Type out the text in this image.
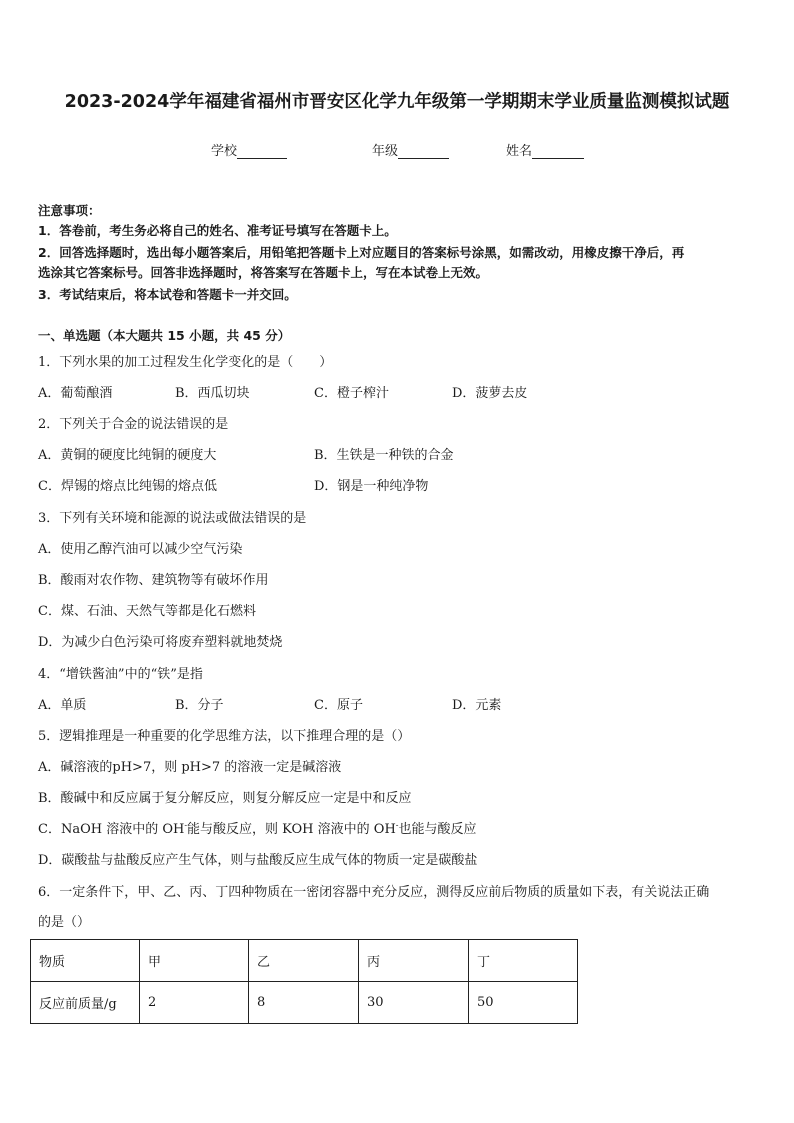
2023-2024学年福建省福州市晋安区化学九年级第一学期期末学业质量监测模拟试题
学校	年级	姓名
注意事项：
1．答卷前，考生务必将自己的姓名、准考证号填写在答题卡上。
2．回答选择题时，选出每小题答案后，用铅笔把答题卡上对应题目的答案标号涂黑，如需改动，用橡皮擦干净后，再
选涂其它答案标号。回答非选择题时，将答案写在答题卡上，写在本试卷上无效。
3．考试结束后，将本试卷和答题卡一并交回。
一、单选题（本大题共 15 小题，共 45 分）
1．下列水果的加工过程发生化学变化的是（　　）
A．葡萄酿酒	B．西瓜切块	C．橙子榨汁	D．菠萝去皮
2．下列关于合金的说法错误的是
A．黄铜的硬度比纯铜的硬度大	B．生铁是一种铁的合金
C．焊锡的熔点比纯锡的熔点低	D．钢是一种纯净物
3．下列有关环境和能源的说法或做法错误的是
A．使用乙醇汽油可以减少空气污染
B．酸雨对农作物、建筑物等有破坏作用
C．煤、石油、天然气等都是化石燃料
D．为减少白色污染可将废弃塑料就地焚烧
4．“增铁酱油”中的“铁”是指
A．单质	B．分子	C．原子	D．元素
5．逻辑推理是一种重要的化学思维方法，以下推理合理的是（）
A．碱溶液的pH>7，则 pH>7 的溶液一定是碱溶液
B．酸碱中和反应属于复分解反应，则复分解反应一定是中和反应
C．NaOH 溶液中的 OH-能与酸反应，则 KOH 溶液中的 OH-也能与酸反应
D．碳酸盐与盐酸反应产生气体，则与盐酸反应生成气体的物质一定是碳酸盐
6．一定条件下，甲、乙、丙、丁四种物质在一密闭容器中充分反应，测得反应前后物质的质量如下表，有关说法正确
的是（）
物质	甲	乙	丙	丁
反应前质量/g	2	8	30	50
